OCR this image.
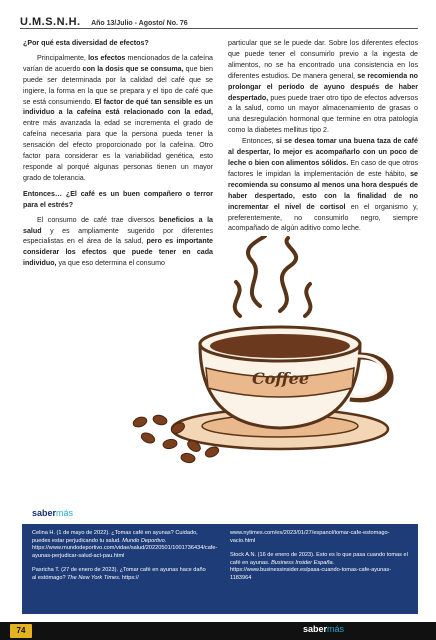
U.M.S.N.H. Año 13/Julio - Agosto/ No. 76

¿Por qué esta diversidad de efectos?

Principalmente, los efectos mencionados de la cafeína varían de acuerdo con la dosis que se consuma, que bien puede ser determinada por la calidad del café que se ingiere, la forma en la que se prepara y el tipo de café que se está consumiendo. El factor de qué tan sensible es un individuo a la cafeína está relacionado con la edad, entre más avanzada la edad se incrementa el grado de cafeína necesaria para que la persona pueda tener la sensación del efecto proporcionado por la cafeína. Otro factor para considerar es la variabilidad genética, esto responde al porqué algunas personas tienen un mayor grado de tolerancia.

Entonces… ¿El café es un buen compañero o terror para el estrés?

El consumo de café trae diversos beneficios a la salud y es ampliamente sugerido por diferentes especialistas en el área de la salud, pero es importante considerar los efectos que puede tener en cada individuo, ya que eso determina el consumo

particular que se le puede dar. Sobre los diferentes efectos que puede tener el consumirlo previo a la ingesta de alimentos, no se ha encontrado una consistencia en los diferentes estudios. De manera general, se recomienda no prolongar el período de ayuno después de haber despertado, pues puede traer otro tipo de efectos adversos a la salud, como un mayor almacenamiento de grasas o una desregulación hormonal que termine en otra patología como la diabetes mellitus tipo 2.

Entonces, si se desea tomar una buena taza de café al despertar, lo mejor es acompañarlo con un poco de leche o bien con alimentos sólidos. En caso de que otros factores le impidan la implementación de este hábito, se recomienda su consumo al menos una hora después de haber despertado, esto con la finalidad de no incrementar el nivel de cortisol en el organismo y, preferentemente, no consumirlo negro, siempre acompañado de algún aditivo como leche.

Coffee
sabermás

Celina H. (1 de mayo de 2022). ¿Tomas café en ayunas? Cuidado, puedes estar perjudicando tu salud. Mundo Deportivo. https://www.mundodeportivo.com/vidae/salud/20220501/1001736434/cafe-ayunas-perjudicar-salud-act-pau.html

Pasricha T. (27 de enero de 2023). ¿Tomar café en ayunas hace daño al estómago? The New York Times. https://

www.nytimes.com/es/2023/01/27/espanol/tomar-cafe-estomago-vacio.html

Stock A.N. (16 de enero de 2023). Esto es lo que pasa cuando tomas el café en ayunas. Business Insider España. https://www.businessinsider.es/pasa-cuando-tomas-cafe-ayunas-1183964

74	sabermás
